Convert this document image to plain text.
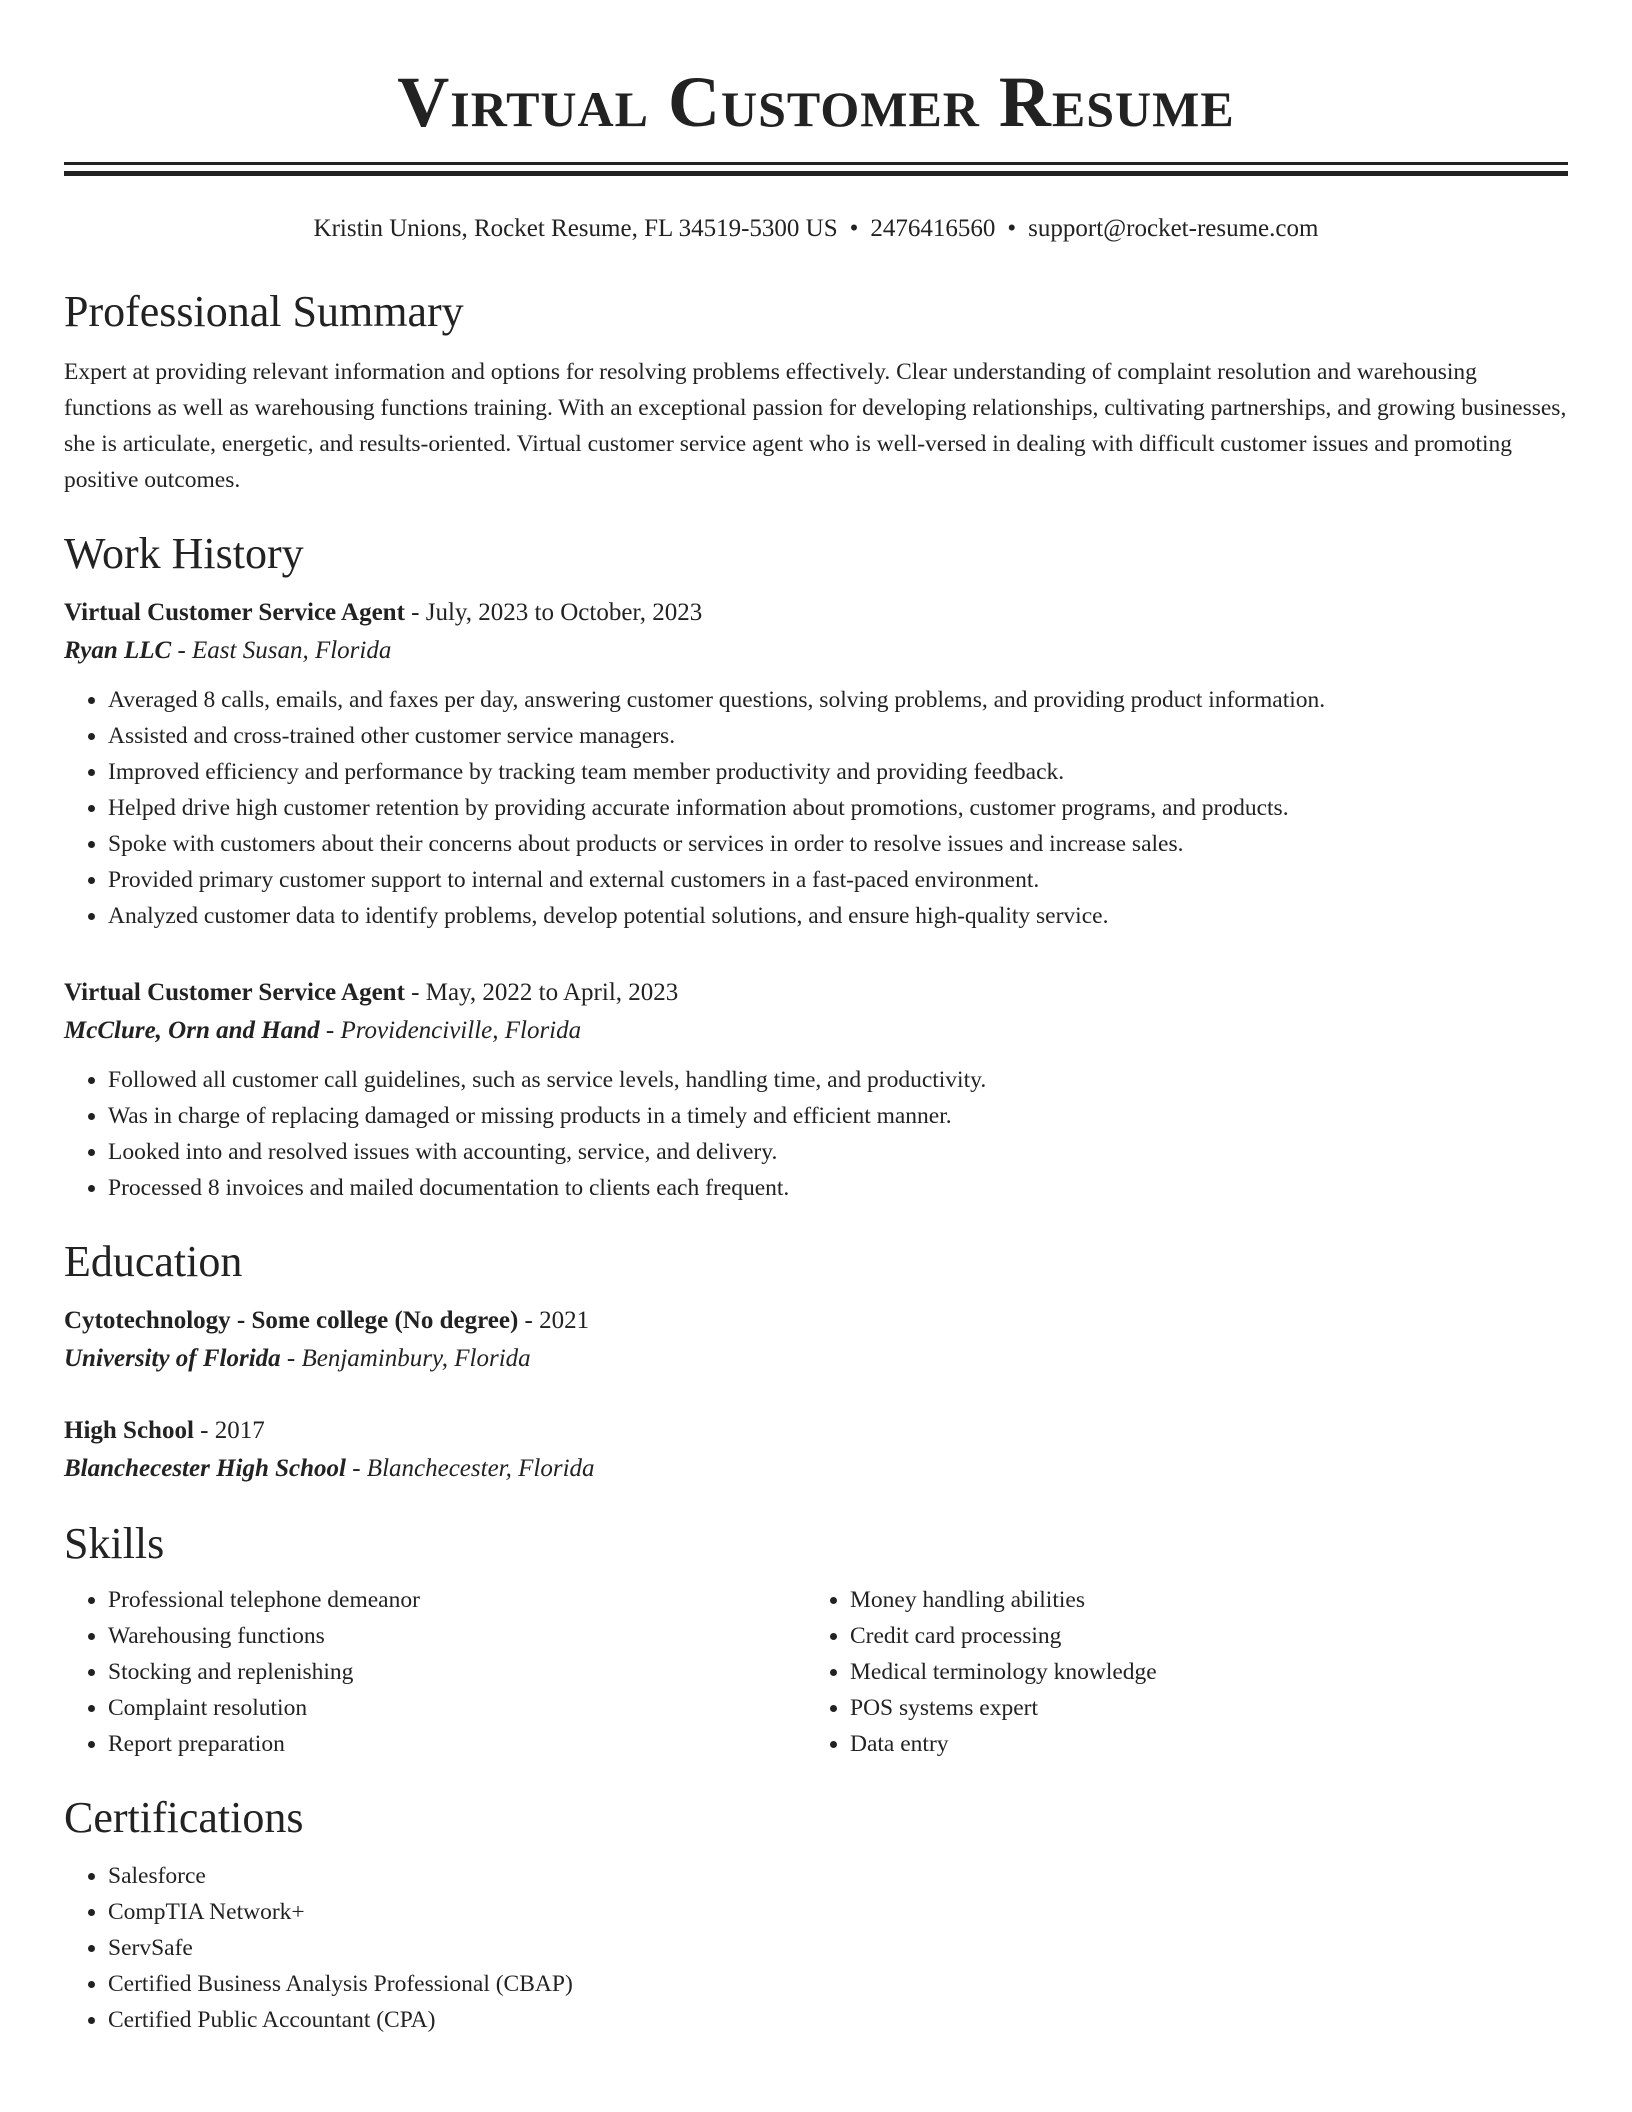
Virtual Customer Resume
Kristin Unions, Rocket Resume, FL 34519-5300 US • 2476416560 • support@rocket-resume.com
Professional Summary
Expert at providing relevant information and options for resolving problems effectively. Clear understanding of complaint resolution and warehousing functions as well as warehousing functions training. With an exceptional passion for developing relationships, cultivating partnerships, and growing businesses, she is articulate, energetic, and results-oriented. Virtual customer service agent who is well-versed in dealing with difficult customer issues and promoting positive outcomes.
Work History
Virtual Customer Service Agent - July, 2023 to October, 2023
Ryan LLC - East Susan, Florida
• Averaged 8 calls, emails, and faxes per day, answering customer questions, solving problems, and providing product information.
• Assisted and cross-trained other customer service managers.
• Improved efficiency and performance by tracking team member productivity and providing feedback.
• Helped drive high customer retention by providing accurate information about promotions, customer programs, and products.
• Spoke with customers about their concerns about products or services in order to resolve issues and increase sales.
• Provided primary customer support to internal and external customers in a fast-paced environment.
• Analyzed customer data to identify problems, develop potential solutions, and ensure high-quality service.
Virtual Customer Service Agent - May, 2022 to April, 2023
McClure, Orn and Hand - Providenciville, Florida
• Followed all customer call guidelines, such as service levels, handling time, and productivity.
• Was in charge of replacing damaged or missing products in a timely and efficient manner.
• Looked into and resolved issues with accounting, service, and delivery.
• Processed 8 invoices and mailed documentation to clients each frequent.
Education
Cytotechnology - Some college (No degree) - 2021
University of Florida - Benjaminbury, Florida
High School - 2017
Blanchecester High School - Blanchecester, Florida
Skills
• Professional telephone demeanor
• Warehousing functions
• Stocking and replenishing
• Complaint resolution
• Report preparation
• Money handling abilities
• Credit card processing
• Medical terminology knowledge
• POS systems expert
• Data entry
Certifications
• Salesforce
• CompTIA Network+
• ServSafe
• Certified Business Analysis Professional (CBAP)
• Certified Public Accountant (CPA)
